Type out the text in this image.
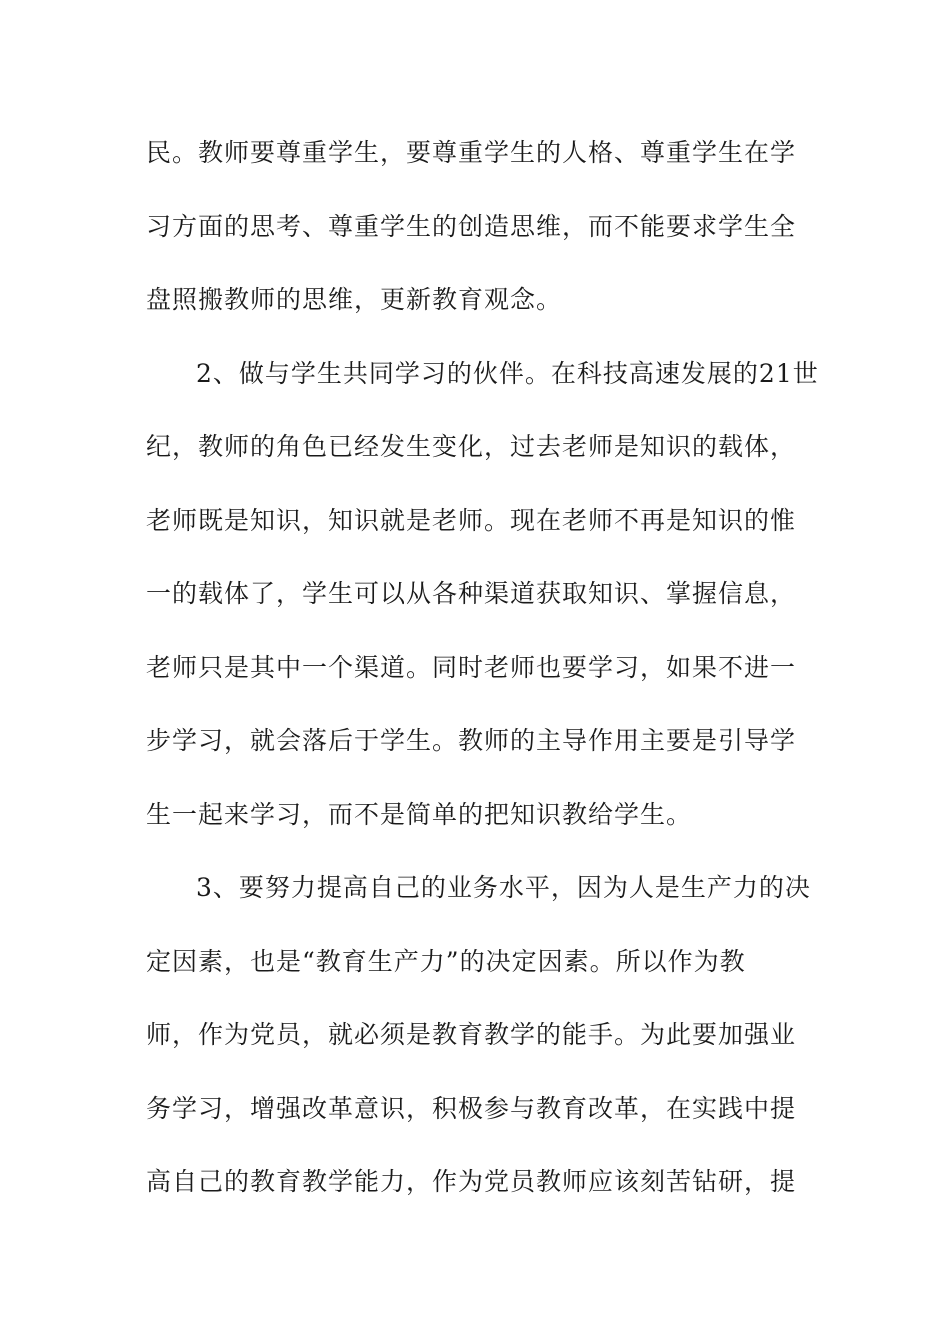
民。教师要尊重学生，要尊重学生的人格、尊重学生在学
习方面的思考、尊重学生的创造思维，而不能要求学生全
盘照搬教师的思维，更新教育观念。
2、做与学生共同学习的伙伴。在科技高速发展的21世
纪，教师的角色已经发生变化，过去老师是知识的载体，
老师既是知识，知识就是老师。现在老师不再是知识的惟
一的载体了，学生可以从各种渠道获取知识、掌握信息，
老师只是其中一个渠道。同时老师也要学习，如果不进一
步学习，就会落后于学生。教师的主导作用主要是引导学
生一起来学习，而不是简单的把知识教给学生。
3、要努力提高自己的业务水平，因为人是生产力的决
定因素，也是“教育生产力”的决定因素。所以作为教
师，作为党员，就必须是教育教学的能手。为此要加强业
务学习，增强改革意识，积极参与教育改革，在实践中提
高自己的教育教学能力，作为党员教师应该刻苦钻研，提
